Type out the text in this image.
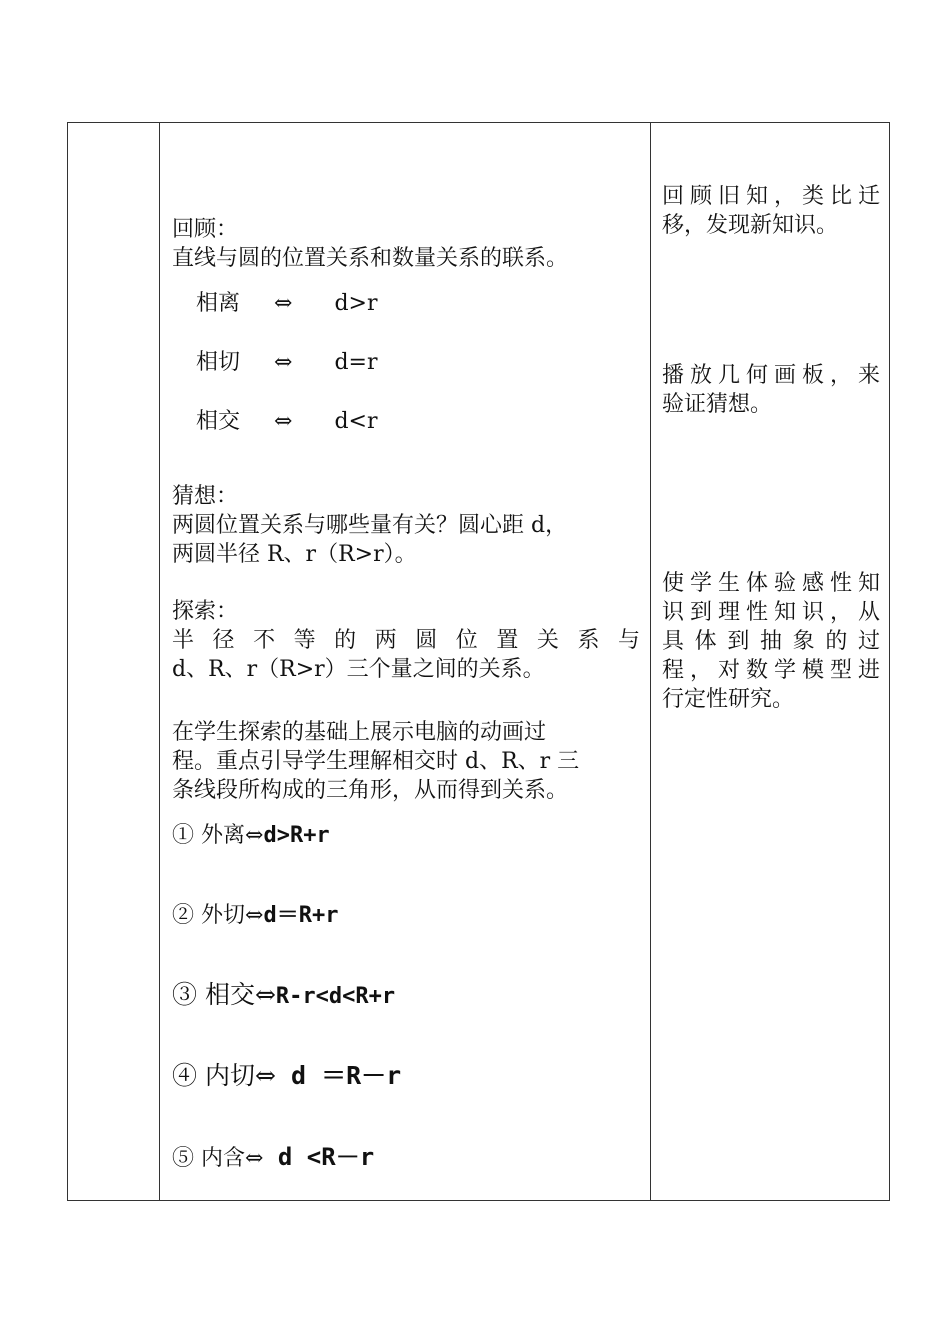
回顾：
直线与圆的位置关系和数量关系的联系。
相离 ⇔ d>r
相切 ⇔ d=r
相交 ⇔ d<r
猜想：
两圆位置关系与哪些量有关？圆心距 d，
两圆半径 R、r（R>r）。
探索：
半径不等的两圆位置关系与
d、R、r（R>r）三个量之间的关系。
在学生探索的基础上展示电脑的动画过
程。重点引导学生理解相交时 d、R、r 三
条线段所构成的三角形，从而得到关系。
① 外离⇔d>R+r
② 外切⇔d＝R+r
③ 相交⇔R-r<d<R+r
④ 内切⇔ d ＝R－r
⑤ 内含⇔ d <R－r
回顾旧知，类比迁
移，发现新知识。
播放几何画板，来
验证猜想。
使学生体验感性知
识到理性知识，从
具体到抽象的过
程，对数学模型进
行定性研究。
